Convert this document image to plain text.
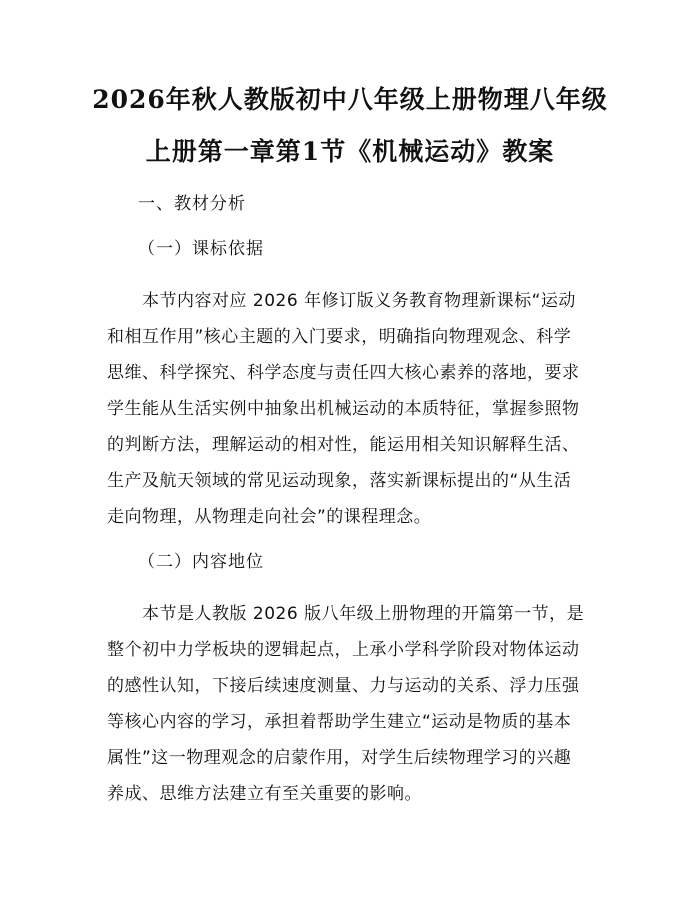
2026年秋人教版初中八年级上册物理八年级
上册第一章第1节《机械运动》教案
一、教材分析
（一）课标依据
　　本节内容对应 2026 年修订版义务教育物理新课标“运动
和相互作用”核心主题的入门要求，明确指向物理观念、科学
思维、科学探究、科学态度与责任四大核心素养的落地，要求
学生能从生活实例中抽象出机械运动的本质特征，掌握参照物
的判断方法，理解运动的相对性，能运用相关知识解释生活、
生产及航天领域的常见运动现象，落实新课标提出的“从生活
走向物理，从物理走向社会”的课程理念。
（二）内容地位
　　本节是人教版 2026 版八年级上册物理的开篇第一节，是
整个初中力学板块的逻辑起点，上承小学科学阶段对物体运动
的感性认知，下接后续速度测量、力与运动的关系、浮力压强
等核心内容的学习，承担着帮助学生建立“运动是物质的基本
属性”这一物理观念的启蒙作用，对学生后续物理学习的兴趣
养成、思维方法建立有至关重要的影响。
